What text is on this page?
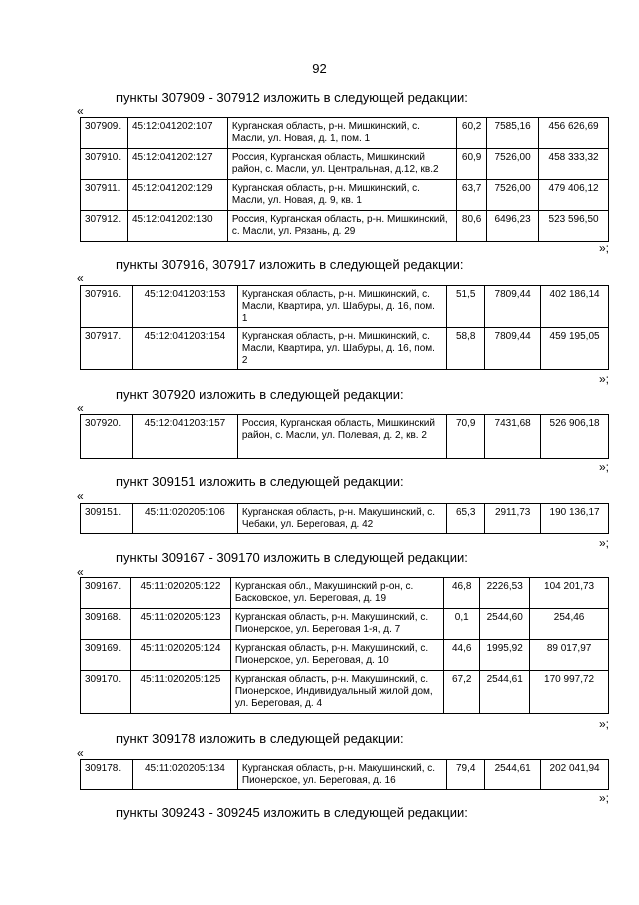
92
пункты 307909 - 307912 изложить в следующей редакции:
«
307909.	45:12:041202:107	Курганская область, р-н. Мишкинский, с. Масли, ул. Новая, д. 1, пом. 1	60,2	7585,16	456 626,69
307910.	45:12:041202:127	Россия, Курганская область, Мишкинский район, с. Масли, ул. Центральная, д.12, кв.2	60,9	7526,00	458 333,32
307911.	45:12:041202:129	Курганская область, р-н. Мишкинский, с. Масли, ул. Новая, д. 9, кв. 1	63,7	7526,00	479 406,12
307912.	45:12:041202:130	Россия, Курганская область, р-н. Мишкинский, с. Масли, ул. Рязань, д. 29	80,6	6496,23	523 596,50
»;
пункты 307916, 307917 изложить в следующей редакции:
«
307916.	45:12:041203:153	Курганская область, р-н. Мишкинский, с. Масли, Квартира, ул. Шабуры, д. 16, пом. 1	51,5	7809,44	402 186,14
307917.	45:12:041203:154	Курганская область, р-н. Мишкинский, с. Масли, Квартира, ул. Шабуры, д. 16, пом. 2	58,8	7809,44	459 195,05
»;
пункт 307920 изложить в следующей редакции:
«
307920.	45:12:041203:157	Россия, Курганская область, Мишкинский район, с. Масли, ул. Полевая, д. 2, кв. 2	70,9	7431,68	526 906,18
»;
пункт 309151 изложить в следующей редакции:
«
309151.	45:11:020205:106	Курганская область, р-н. Макушинский, с. Чебаки, ул. Береговая, д. 42	65,3	2911,73	190 136,17
»;
пункты 309167 - 309170 изложить в следующей редакции:
«
309167.	45:11:020205:122	Курганская обл., Макушинский р-он, с. Басковское, ул. Береговая, д. 19	46,8	2226,53	104 201,73
309168.	45:11:020205:123	Курганская область, р-н. Макушинский, с. Пионерское, ул. Береговая 1-я, д. 7	0,1	2544,60	254,46
309169.	45:11:020205:124	Курганская область, р-н. Макушинский, с. Пионерское, ул. Береговая, д. 10	44,6	1995,92	89 017,97
309170.	45:11:020205:125	Курганская область, р-н. Макушинский, с. Пионерское, Индивидуальный жилой дом, ул. Береговая, д. 4	67,2	2544,61	170 997,72
»;
пункт 309178 изложить в следующей редакции:
«
309178.	45:11:020205:134	Курганская область, р-н. Макушинский, с. Пионерское, ул. Береговая, д. 16	79,4	2544,61	202 041,94
»;
пункты 309243 - 309245 изложить в следующей редакции:
